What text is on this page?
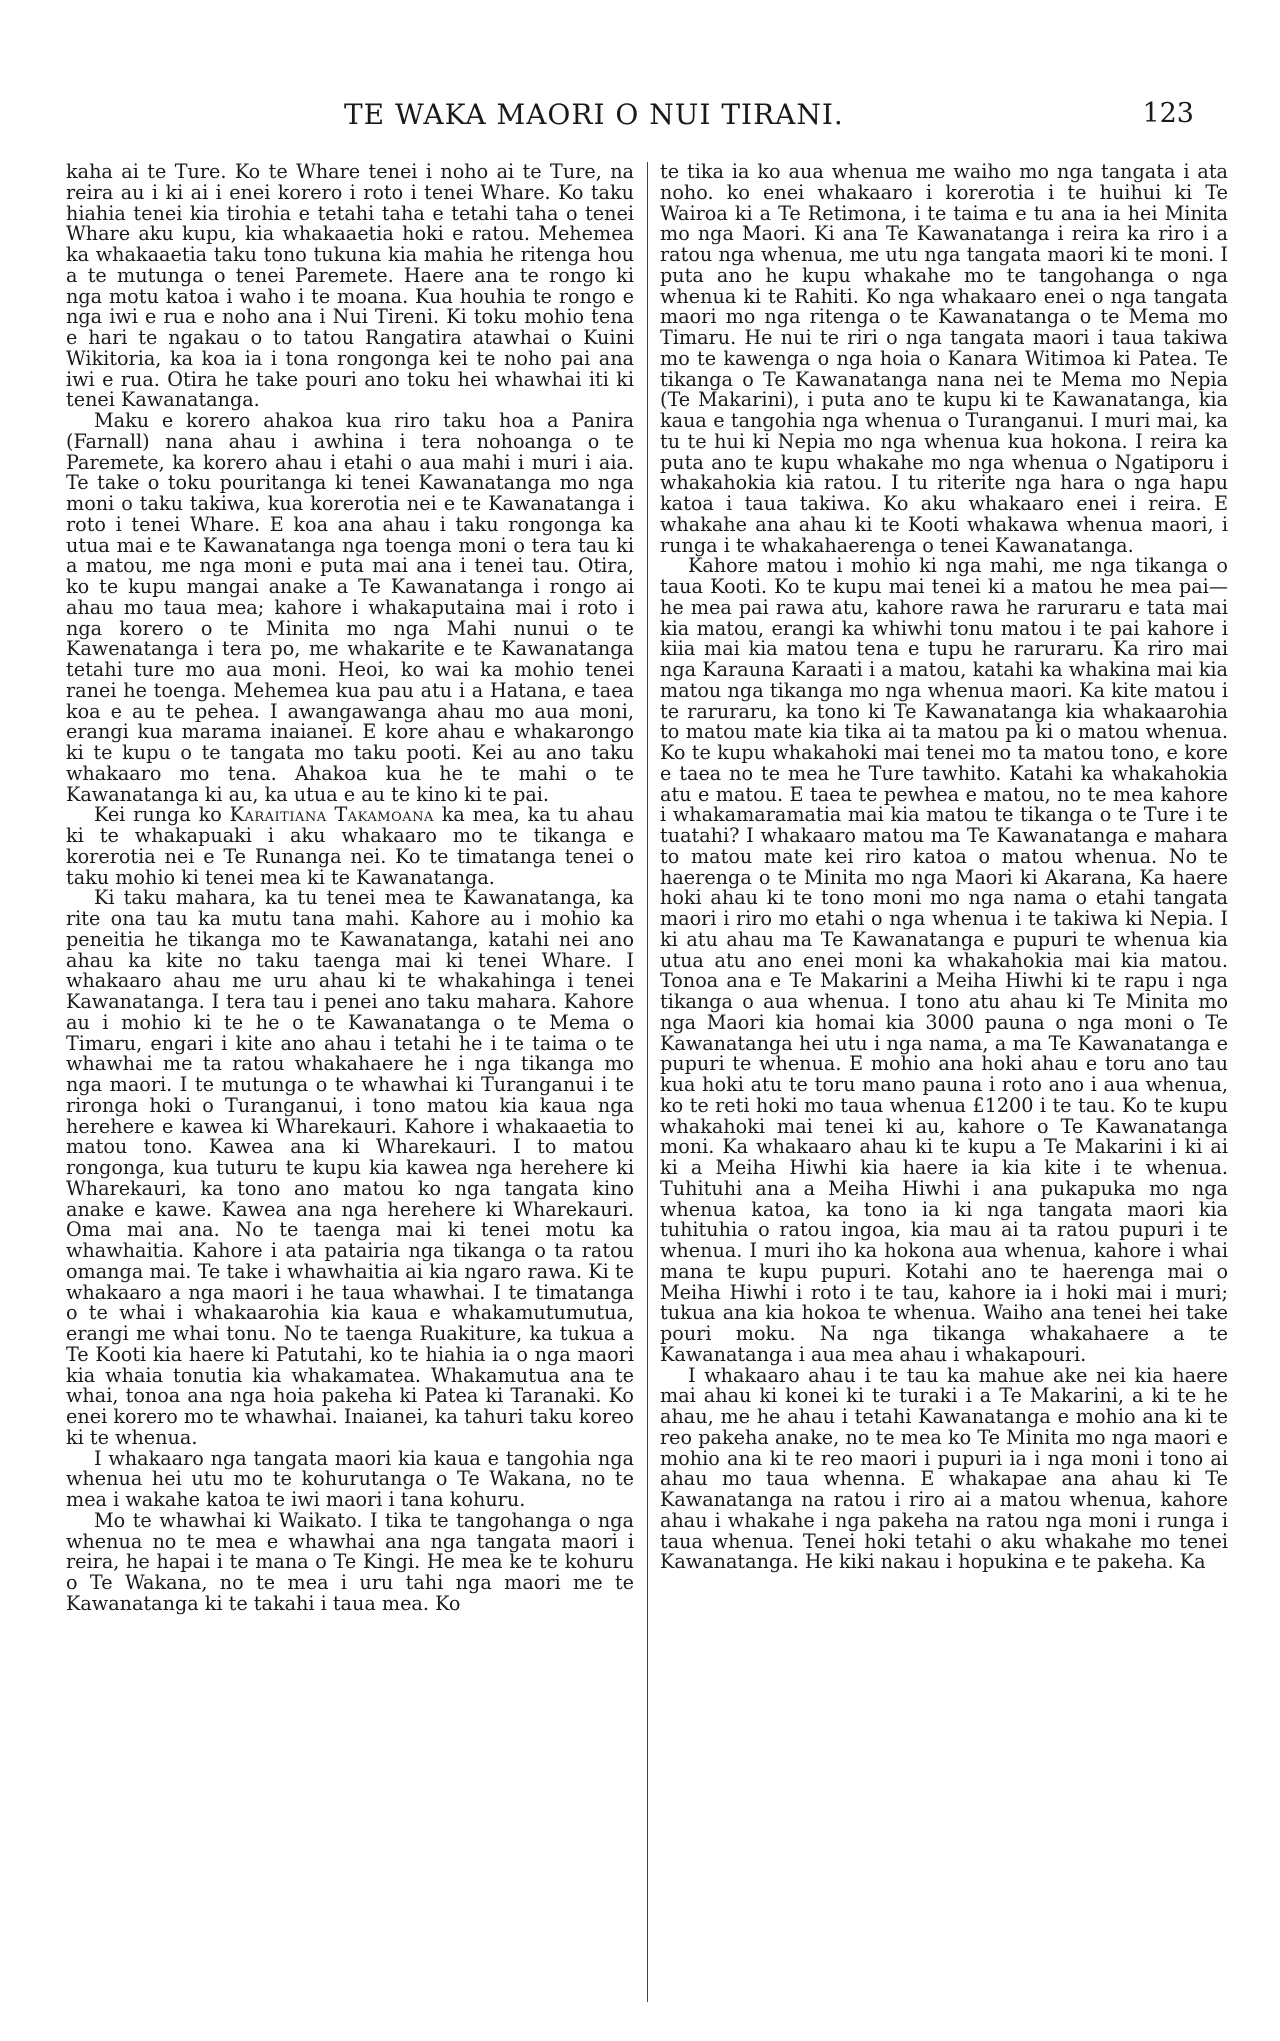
TE WAKA MAORI O NUI TIRANI.	123

kaha ai te Ture. Ko te Whare tenei i noho ai te Ture, na reira au i ki ai i enei korero i roto i tenei Whare. Ko taku hiahia tenei kia tirohia e tetahi taha e tetahi taha o tenei Whare aku kupu, kia whakaaetia hoki e ratou. Mehemea ka whakaaetia taku tono tukuna kia mahia he ritenga hou a te mutunga o tenei Paremete. Haere ana te rongo ki nga motu katoa i waho i te moana. Kua houhia te rongo e nga iwi e rua e noho ana i Nui Tireni. Ki toku mohio tena e hari te ngakau o to tatou Rangatira atawhai o Kuini Wikitoria, ka koa ia i tona rongonga kei te noho pai ana iwi e rua. Otira he take pouri ano toku hei whawhai iti ki tenei Kawanatanga.

Maku e korero ahakoa kua riro taku hoa a Panira (Farnall) nana ahau i awhina i tera nohoanga o te Paremete, ka korero ahau i etahi o aua mahi i muri i aia. Te take o toku pouritanga ki tenei Kawanatanga mo nga moni o taku takiwa, kua korerotia nei e te Kawanatanga i roto i tenei Whare. E koa ana ahau i taku rongonga ka utua mai e te Kawanatanga nga toenga moni o tera tau ki a matou, me nga moni e puta mai ana i tenei tau. Otira, ko te kupu mangai anake a Te Kawanatanga i rongo ai ahau mo taua mea; kahore i whakaputaina mai i roto i nga korero o te Minita mo nga Mahi nunui o te Kawenatanga i tera po, me whakarite e te Kawanatanga tetahi ture mo aua moni. Heoi, ko wai ka mohio tenei ranei he toenga. Mehemea kua pau atu i a Hatana, e taea koa e au te pehea. I awangawanga ahau mo aua moni, erangi kua marama inaianei. E kore ahau e whakarongo ki te kupu o te tangata mo taku pooti. Kei au ano taku whakaaro mo tena. Ahakoa kua he te mahi o te Kawanatanga ki au, ka utua e au te kino ki te pai.

Kei runga ko Karaitiana Takamoana ka mea, ka tu ahau ki te whakapuaki i aku whakaaro mo te tikanga e korerotia nei e Te Runanga nei. Ko te timatanga tenei o taku mohio ki tenei mea ki te Kawanatanga.

Ki taku mahara, ka tu tenei mea te Kawanatanga, ka rite ona tau ka mutu tana mahi. Kahore au i mohio ka peneitia he tikanga mo te Kawanatanga, katahi nei ano ahau ka kite no taku taenga mai ki tenei Whare. I whakaaro ahau me uru ahau ki te whakahinga i tenei Kawanatanga. I tera tau i penei ano taku mahara. Kahore au i mohio ki te he o te Kawanatanga o te Mema o Timaru, engari i kite ano ahau i tetahi he i te taima o te whawhai me ta ratou whakahaere he i nga tikanga mo nga maori. I te mutunga o te whawhai ki Turanganui i te rironga hoki o Turanganui, i tono matou kia kaua nga herehere e kawea ki Wharekauri. Kahore i whakaaetia to matou tono. Kawea ana ki Wharekauri. I to matou rongonga, kua tuturu te kupu kia kawea nga herehere ki Wharekauri, ka tono ano matou ko nga tangata kino anake e kawe. Kawea ana nga herehere ki Wharekauri. Oma mai ana. No te taenga mai ki tenei motu ka whawhaitia. Kahore i ata patairia nga tikanga o ta ratou omanga mai. Te take i whawhaitia ai kia ngaro rawa. Ki te whakaaro a nga maori i he taua whawhai. I te timatanga o te whai i whakaarohia kia kaua e whakamutumutua, erangi me whai tonu. No te taenga Ruakiture, ka tukua a Te Kooti kia haere ki Patutahi, ko te hiahia ia o nga maori kia whaia tonutia kia whakamatea. Whakamutua ana te whai, tonoa ana nga hoia pakeha ki Patea ki Taranaki. Ko enei korero mo te whawhai. Inaianei, ka tahuri taku koreo ki te whenua.

I whakaaro nga tangata maori kia kaua e tangohia nga whenua hei utu mo te kohurutanga o Te Wakana, no te mea i wakahe katoa te iwi maori i tana kohuru.

Mo te whawhai ki Waikato. I tika te tangohanga o nga whenua no te mea e whawhai ana nga tangata maori i reira, he hapai i te mana o Te Kingi. He mea ke te kohuru o Te Wakana, no te mea i uru tahi nga maori me te Kawanatanga ki te takahi i taua mea. Ko

te tika ia ko aua whenua me waiho mo nga tangata i ata noho. ko enei whakaaro i korerotia i te huihui ki Te Wairoa ki a Te Retimona, i te taima e tu ana ia hei Minita mo nga Maori. Ki ana Te Kawanatanga i reira ka riro i a ratou nga whenua, me utu nga tangata maori ki te moni. I puta ano he kupu whakahe mo te tangohanga o nga whenua ki te Rahiti. Ko nga whakaaro enei o nga tangata maori mo nga ritenga o te Kawanatanga o te Mema mo Timaru. He nui te riri o nga tangata maori i taua takiwa mo te kawenga o nga hoia o Kanara Witimoa ki Patea. Te tikanga o Te Kawanatanga nana nei te Mema mo Nepia (Te Makarini), i puta ano te kupu ki te Kawanatanga, kia kaua e tangohia nga whenua o Turanganui. I muri mai, ka tu te hui ki Nepia mo nga whenua kua hokona. I reira ka puta ano te kupu whakahe mo nga whenua o Ngatiporu i whakahokia kia ratou. I tu riterite nga hara o nga hapu katoa i taua takiwa. Ko aku whakaaro enei i reira. E whakahe ana ahau ki te Kooti whakawa whenua maori, i runga i te whakahaerenga o tenei Kawanatanga.

Kahore matou i mohio ki nga mahi, me nga tikanga o taua Kooti. Ko te kupu mai tenei ki a matou he mea pai—he mea pai rawa atu, kahore rawa he raruraru e tata mai kia matou, erangi ka whiwhi tonu matou i te pai kahore i kiia mai kia matou tena e tupu he raruraru. Ka riro mai nga Karauna Karaati i a matou, katahi ka whakina mai kia matou nga tikanga mo nga whenua maori. Ka kite matou i te raruraru, ka tono ki Te Kawanatanga kia whakaarohia to matou mate kia tika ai ta matou pa ki o matou whenua. Ko te kupu whakahoki mai tenei mo ta matou tono, e kore e taea no te mea he Ture tawhito. Katahi ka whakahokia atu e matou. E taea te pewhea e matou, no te mea kahore i whakamaramatia mai kia matou te tikanga o te Ture i te tuatahi? I whakaaro matou ma Te Kawanatanga e mahara to matou mate kei riro katoa o matou whenua. No te haerenga o te Minita mo nga Maori ki Akarana, Ka haere hoki ahau ki te tono moni mo nga nama o etahi tangata maori i riro mo etahi o nga whenua i te takiwa ki Nepia. I ki atu ahau ma Te Kawanatanga e pupuri te whenua kia utua atu ano enei moni ka whakahokia mai kia matou. Tonoa ana e Te Makarini a Meiha Hiwhi ki te rapu i nga tikanga o aua whenua. I tono atu ahau ki Te Minita mo nga Maori kia homai kia 3000 pauna o nga moni o Te Kawanatanga hei utu i nga nama, a ma Te Kawanatanga e pupuri te whenua. E mohio ana hoki ahau e toru ano tau kua hoki atu te toru mano pauna i roto ano i aua whenua, ko te reti hoki mo taua whenua £1200 i te tau. Ko te kupu whakahoki mai tenei ki au, kahore o Te Kawanatanga moni. Ka whakaaro ahau ki te kupu a Te Makarini i ki ai ki a Meiha Hiwhi kia haere ia kia kite i te whenua. Tuhituhi ana a Meiha Hiwhi i ana pukapuka mo nga whenua katoa, ka tono ia ki nga tangata maori kia tuhituhia o ratou ingoa, kia mau ai ta ratou pupuri i te whenua. I muri iho ka hokona aua whenua, kahore i whai mana te kupu pupuri. Kotahi ano te haerenga mai o Meiha Hiwhi i roto i te tau, kahore ia i hoki mai i muri; tukua ana kia hokoa te whenua. Waiho ana tenei hei take pouri moku. Na nga tikanga whakahaere a te Kawanatanga i aua mea ahau i whakapouri.

I whakaaro ahau i te tau ka mahue ake nei kia haere mai ahau ki konei ki te turaki i a Te Makarini, a ki te he ahau, me he ahau i tetahi Kawanatanga e mohio ana ki te reo pakeha anake, no te mea ko Te Minita mo nga maori e mohio ana ki te reo maori i pupuri ia i nga moni i tono ai ahau mo taua whenna. E whakapae ana ahau ki Te Kawanatanga na ratou i riro ai a matou whenua, kahore ahau i whakahe i nga pakeha na ratou nga moni i runga i taua whenua. Tenei hoki tetahi o aku whakahe mo tenei Kawanatanga. He kiki nakau i hopukina e te pakeha. Ka
